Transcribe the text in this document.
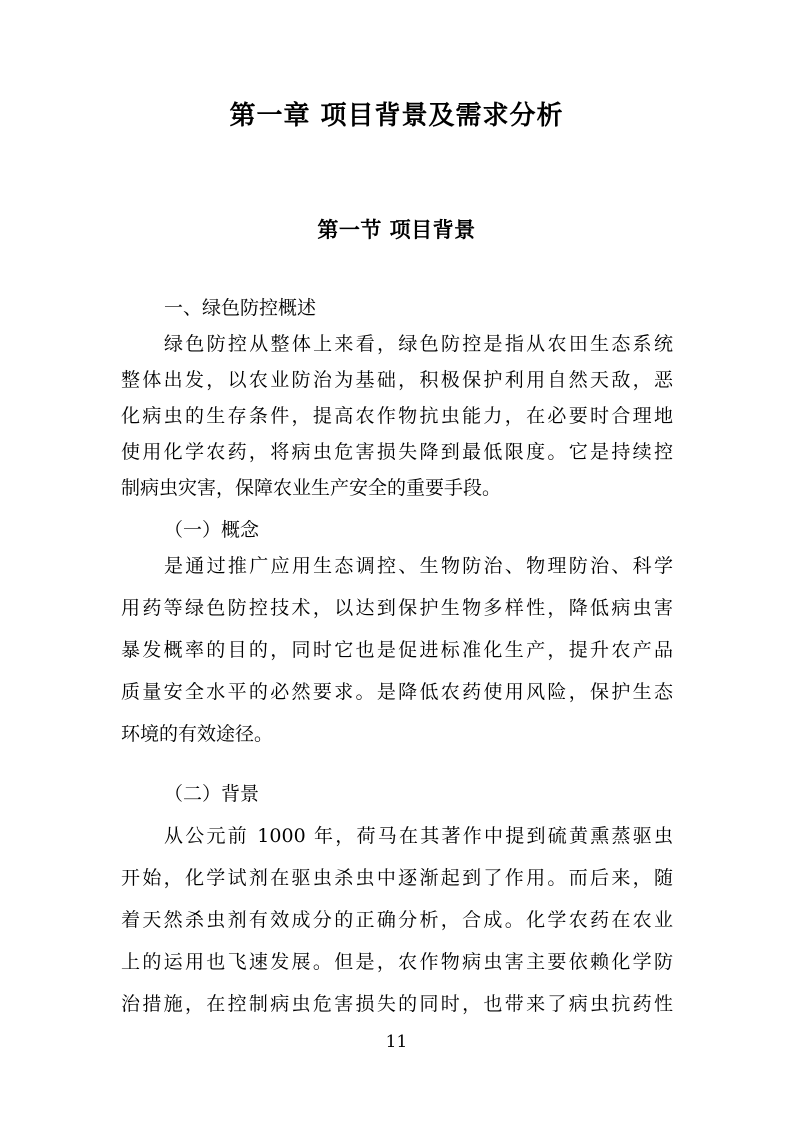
第一章 项目背景及需求分析
第一节 项目背景
一、绿色防控概述
绿色防控从整体上来看，绿色防控是指从农田生态系统
整体出发，以农业防治为基础，积极保护利用自然天敌，恶
化病虫的生存条件，提高农作物抗虫能力，在必要时合理地
使用化学农药，将病虫危害损失降到最低限度。它是持续控
制病虫灾害，保障农业生产安全的重要手段。
（一）概念
是通过推广应用生态调控、生物防治、物理防治、科学
用药等绿色防控技术，以达到保护生物多样性，降低病虫害
暴发概率的目的，同时它也是促进标准化生产，提升农产品
质量安全水平的必然要求。是降低农药使用风险，保护生态
环境的有效途径。
（二）背景
从公元前 1000 年，荷马在其著作中提到硫黄熏蒸驱虫
开始，化学试剂在驱虫杀虫中逐渐起到了作用。而后来，随
着天然杀虫剂有效成分的正确分析，合成。化学农药在农业
上的运用也飞速发展。但是，农作物病虫害主要依赖化学防
治措施，在控制病虫危害损失的同时，也带来了病虫抗药性
11
